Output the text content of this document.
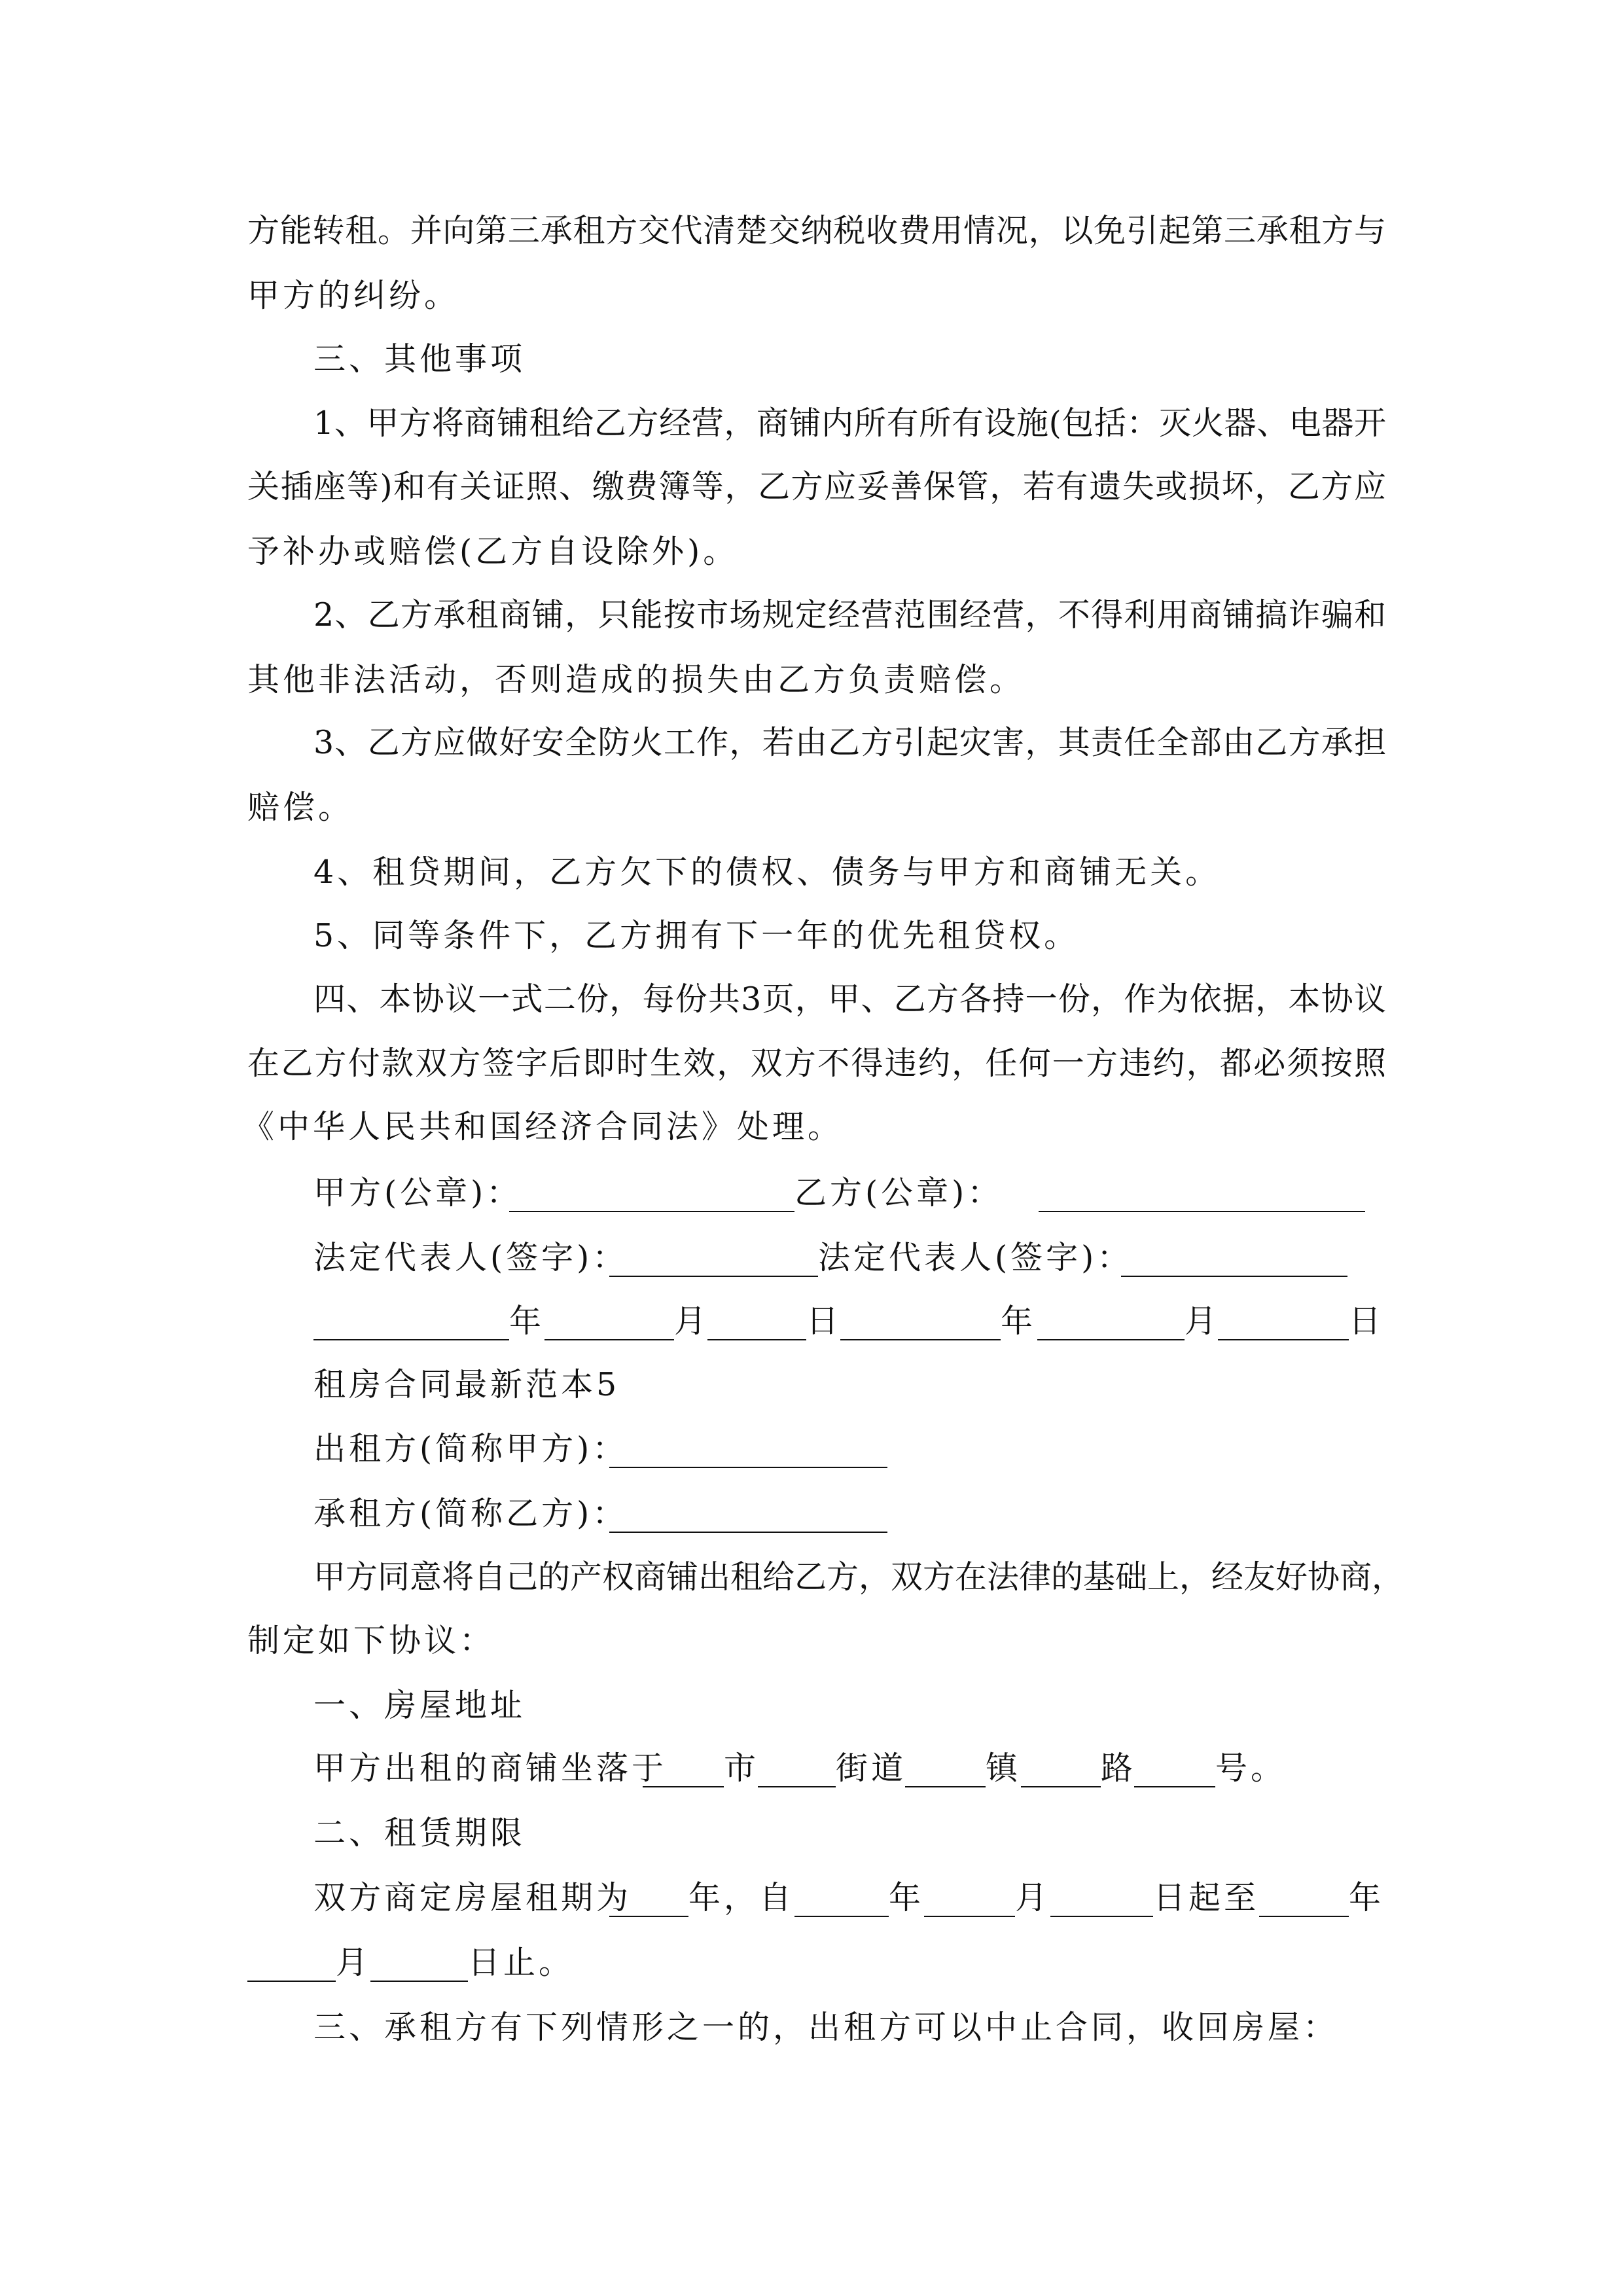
方能转租。并向第三承租方交代清楚交纳税收费用情况，以免引起第三承租方与
甲方的纠纷。
三、其他事项
1、甲方将商铺租给乙方经营，商铺内所有所有设施(包括：灭火器、电器开
关插座等)和有关证照、缴费簿等，乙方应妥善保管，若有遗失或损坏，乙方应
予补办或赔偿(乙方自设除外)。
2、乙方承租商铺，只能按市场规定经营范围经营，不得利用商铺搞诈骗和
其他非法活动，否则造成的损失由乙方负责赔偿。
3、乙方应做好安全防火工作，若由乙方引起灾害，其责任全部由乙方承担
赔偿。
4、租贷期间，乙方欠下的债权、债务与甲方和商铺无关。
5、同等条件下，乙方拥有下一年的优先租贷权。
四、本协议一式二份，每份共3页，甲、乙方各持一份，作为依据，本协议
在乙方付款双方签字后即时生效，双方不得违约，任何一方违约，都必须按照
《中华人民共和国经济合同法》处理。
甲方(公章)：	乙方(公章)：
法定代表人(签字)：	法定代表人(签字)：
年	月	日	年	月	日
租房合同最新范本5
出租方(简称甲方)：
承租方(简称乙方)：
甲方同意将自己的产权商铺出租给乙方，双方在法律的基础上，经友好协商，
制定如下协议：
一、房屋地址
甲方出租的商铺坐落于 市 街道 镇 路 号。
二、租赁期限
双方商定房屋租期为 年，自	年	月	日起至	年
月	日止。
三、承租方有下列情形之一的，出租方可以中止合同，收回房屋：
